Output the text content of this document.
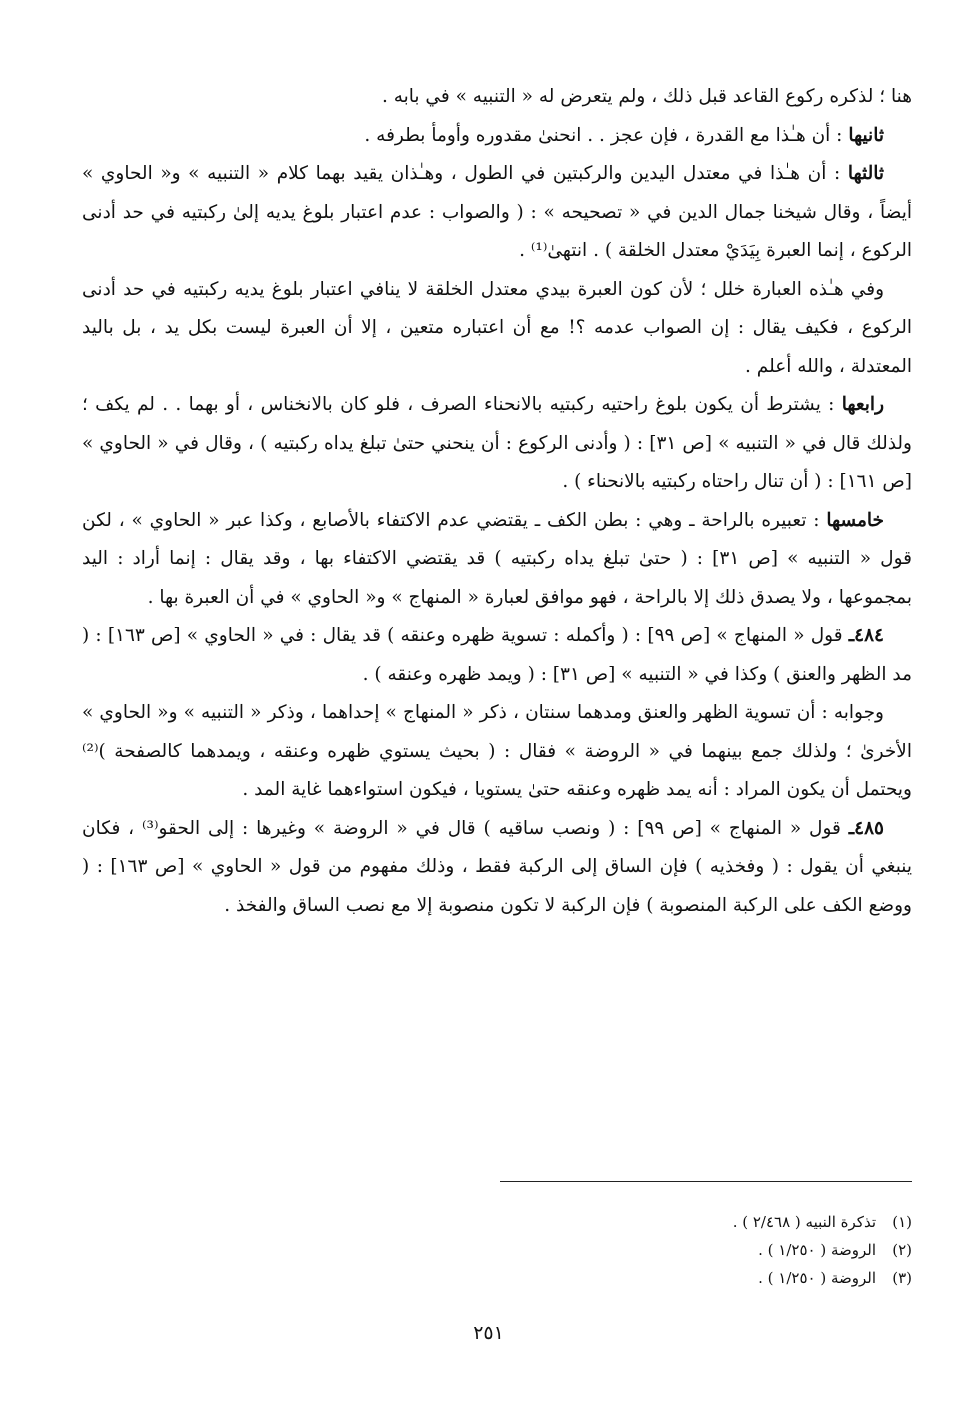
هنا ؛ لذكره ركوع القاعد قبل ذلك ، ولم يتعرض له « التنبيه » في بابه .

ثانيها : أن هـٰذا مع القدرة ، فإن عجز . . انحنىٰ مقدوره وأومأ بطرفه .

ثالثها : أن هـٰذا في معتدل اليدين والركبتين في الطول ، وهـٰذان يقيد بهما كلام « التنبيه » و« الحاوي » أيضاً ، وقال شيخنا جمال الدين في « تصحيحه » : ( والصواب : عدم اعتبار بلوغ يديه إلىٰ ركبتيه في حد أدنى الركوع ، إنما العبرة بِيَدَيْ معتدل الخلقة ) . انتهىٰ⁽¹⁾ .

وفي هـٰذه العبارة خلل ؛ لأن كون العبرة بيدي معتدل الخلقة لا ينافي اعتبار بلوغ يديه ركبتيه في حد أدنى الركوع ، فكيف يقال : إن الصواب عدمه ؟! مع أن اعتباره متعين ، إلا أن العبرة ليست بكل يد ، بل باليد المعتدلة ، والله أعلم .

رابعها : يشترط أن يكون بلوغ راحتيه ركبتيه بالانحناء الصرف ، فلو كان بالانخناس ، أو بهما . . لم يكف ؛ ولذلك قال في « التنبيه » [ص ٣١] : ( وأدنى الركوع : أن ينحني حتىٰ تبلغ يداه ركبتيه ) ، وقال في « الحاوي » [ص ١٦١] : ( أن تنال راحتاه ركبتيه بالانحناء ) .

خامسها : تعبيره بالراحة ـ وهي : بطن الكف ـ يقتضي عدم الاكتفاء بالأصابع ، وكذا عبر « الحاوي » ، لكن قول « التنبيه » [ص ٣١] : ( حتىٰ تبلغ يداه ركبتيه ) قد يقتضي الاكتفاء بها ، وقد يقال : إنما أراد : اليد بمجموعها ، ولا يصدق ذلك إلا بالراحة ، فهو موافق لعبارة « المنهاج » و« الحاوي » في أن العبرة بها .

٤٨٤ـ قول « المنهاج » [ص ٩٩] : ( وأكمله : تسوية ظهره وعنقه ) قد يقال : في « الحاوي » [ص ١٦٣] : ( مد الظهر والعنق ) وكذا في « التنبيه » [ص ٣١] : ( ويمد ظهره وعنقه ) .

وجوابه : أن تسوية الظهر والعنق ومدهما سنتان ، ذكر « المنهاج » إحداهما ، وذكر « التنبيه » و« الحاوي » الأخرىٰ ؛ ولذلك جمع بينهما في « الروضة » فقال : ( بحيث يستوي ظهره وعنقه ، ويمدهما كالصفحة )⁽²⁾ ويحتمل أن يكون المراد : أنه يمد ظهره وعنقه حتىٰ يستويا ، فيكون استواءهما غاية المد .

٤٨٥ـ قول « المنهاج » [ص ٩٩] : ( ونصب ساقيه ) قال في « الروضة » وغيرها : إلى الحقو⁽³⁾ ، فكان ينبغي أن يقول : ( وفخذيه ) فإن الساق إلى الركبة فقط ، وذلك مفهوم من قول « الحاوي » [ص ١٦٣] : ( ووضع الكف على الركبة المنصوبة ) فإن الركبة لا تكون منصوبة إلا مع نصب الساق والفخذ .

(١)تذكرة النبيه ( ٢/٤٦٨ ) .
(٢)الروضة ( ١/٢٥٠ ) .
(٣)الروضة ( ١/٢٥٠ ) .
٢٥١
